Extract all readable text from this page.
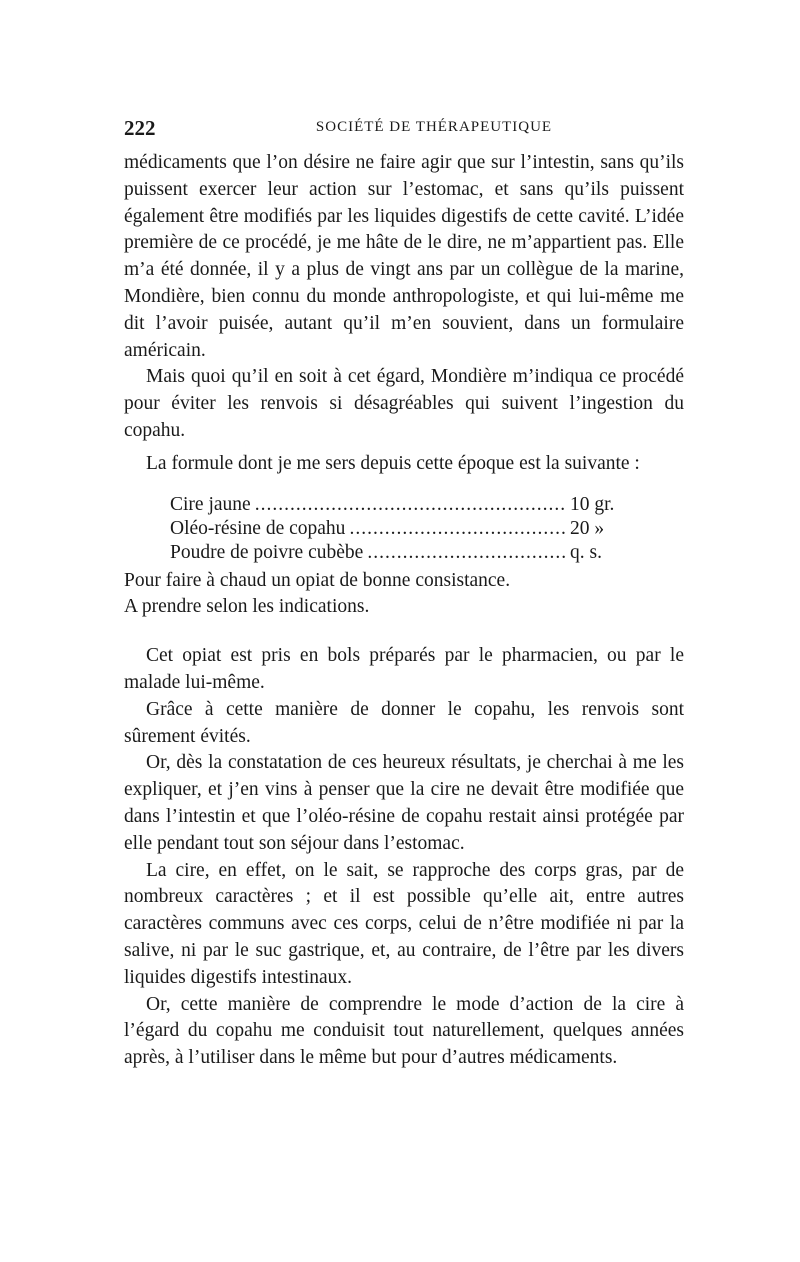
222	SOCIÉTÉ DE THÉRAPEUTIQUE

médicaments que l’on désire ne faire agir que sur l’intestin, sans qu’ils puissent exercer leur action sur l’estomac, et sans qu’ils puissent également être modifiés par les liquides digestifs de cette cavité. L’idée première de ce procédé, je me hâte de le dire, ne m’appartient pas. Elle m’a été donnée, il y a plus de vingt ans par un collègue de la marine, Mondière, bien connu du monde anthropologiste, et qui lui-même me dit l’avoir puisée, autant qu’il m’en souvient, dans un formulaire américain.

Mais quoi qu’il en soit à cet égard, Mondière m’indiqua ce procédé pour éviter les renvois si désagréables qui suivent l’ingestion du copahu.

La formule dont je me sers depuis cette époque est la suivante :

Cire jaune .....	10 gr.
Oléo-résine de copahu .....	20 »
Poudre de poivre cubèbe .....	q. s.

Pour faire à chaud un opiat de bonne consistance.

A prendre selon les indications.

Cet opiat est pris en bols préparés par le pharmacien, ou par le malade lui-même.

Grâce à cette manière de donner le copahu, les renvois sont sûrement évités.

Or, dès la constatation de ces heureux résultats, je cherchai à me les expliquer, et j’en vins à penser que la cire ne devait être modifiée que dans l’intestin et que l’oléo-résine de copahu restait ainsi protégée par elle pendant tout son séjour dans l’estomac.

La cire, en effet, on le sait, se rapproche des corps gras, par de nombreux caractères ; et il est possible qu’elle ait, entre autres caractères communs avec ces corps, celui de n’être modifiée ni par la salive, ni par le suc gastrique, et, au contraire, de l’être par les divers liquides digestifs intestinaux.

Or, cette manière de comprendre le mode d’action de la cire à l’égard du copahu me conduisit tout naturellement, quelques années après, à l’utiliser dans le même but pour d’autres médicaments.
